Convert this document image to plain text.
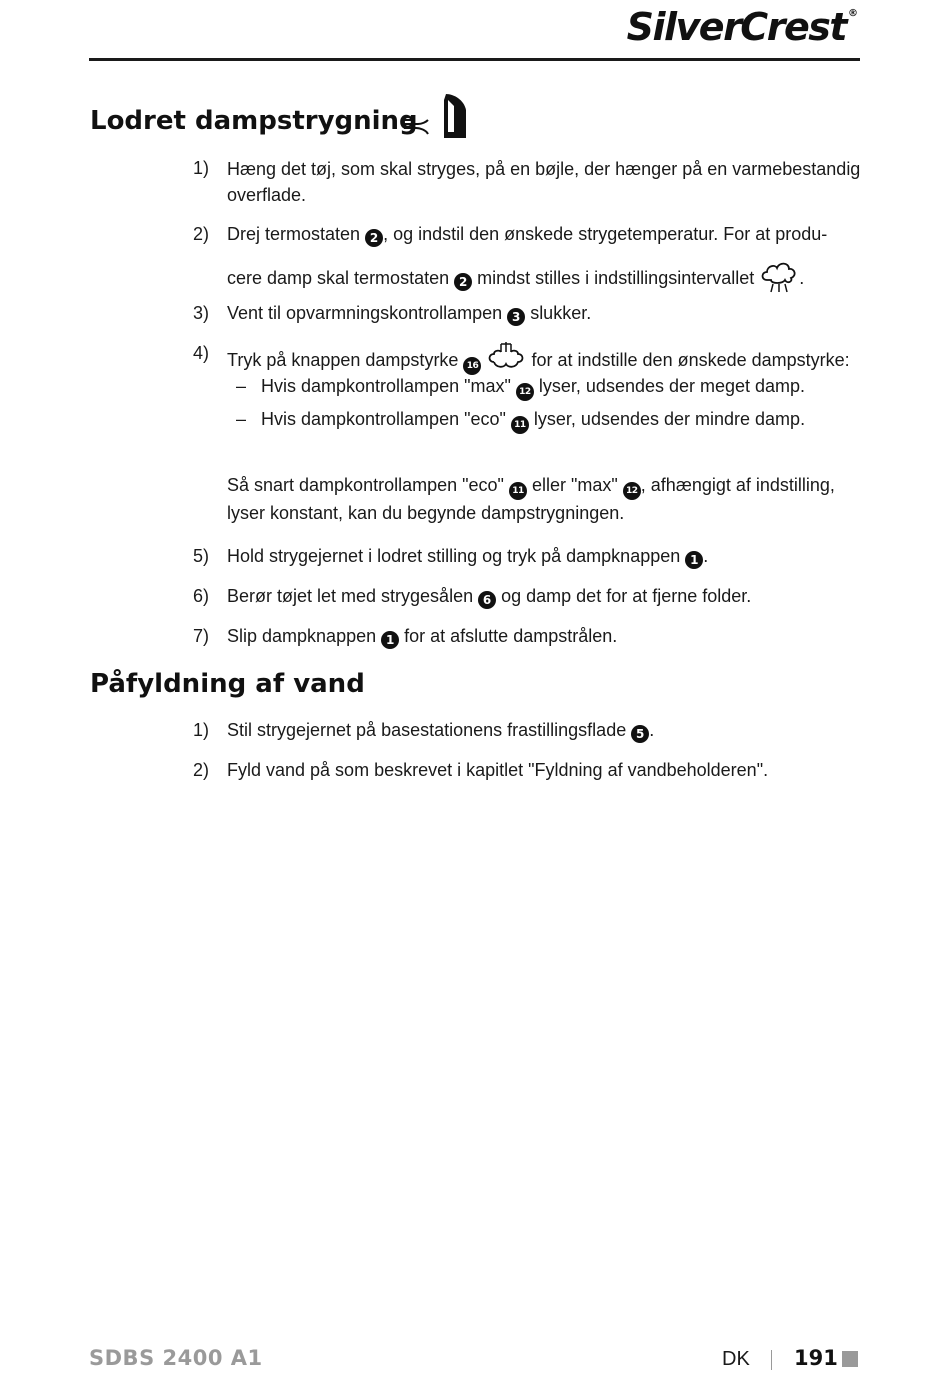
SilverCrest ®
Lodret dampstrygning

1) Hæng det tøj, som skal stryges, på en bøjle, der hænger på en varmebestandig
overflade.
2) Drej termostaten 2 , og indstil den ønskede strygetemperatur. For at produ-
cere damp skal termostaten 2 mindst stilles i indstillingsintervallet	.
3) Vent til opvarmningskontrollampen 3 slukker.
4) Tryk på knappen dampstyrke 16	for at indstille den ønskede dampstyrke:
– Hvis dampkontrollampen "max" 12 lyser, udsendes der meget damp.
– Hvis dampkontrollampen "eco" 11 lyser, udsendes der mindre damp.
Så snart dampkontrollampen "eco" 11 eller "max" 12 , afhængigt af indstilling,
lyser konstant, kan du begynde dampstrygningen.
5) Hold strygejernet i lodret stilling og tryk på dampknappen 1 .
6) Berør tøjet let med strygesålen 6 og damp det for at fjerne folder.
7) Slip dampknappen 1 for at afslutte dampstrålen.
Påfyldning af vand
1) Stil strygejernet på basestationens frastillingsflade 5 .
2) Fyld vand på som beskrevet i kapitlet "Fyldning af vandbeholderen".
SDBS 2400 A1	DK 191
